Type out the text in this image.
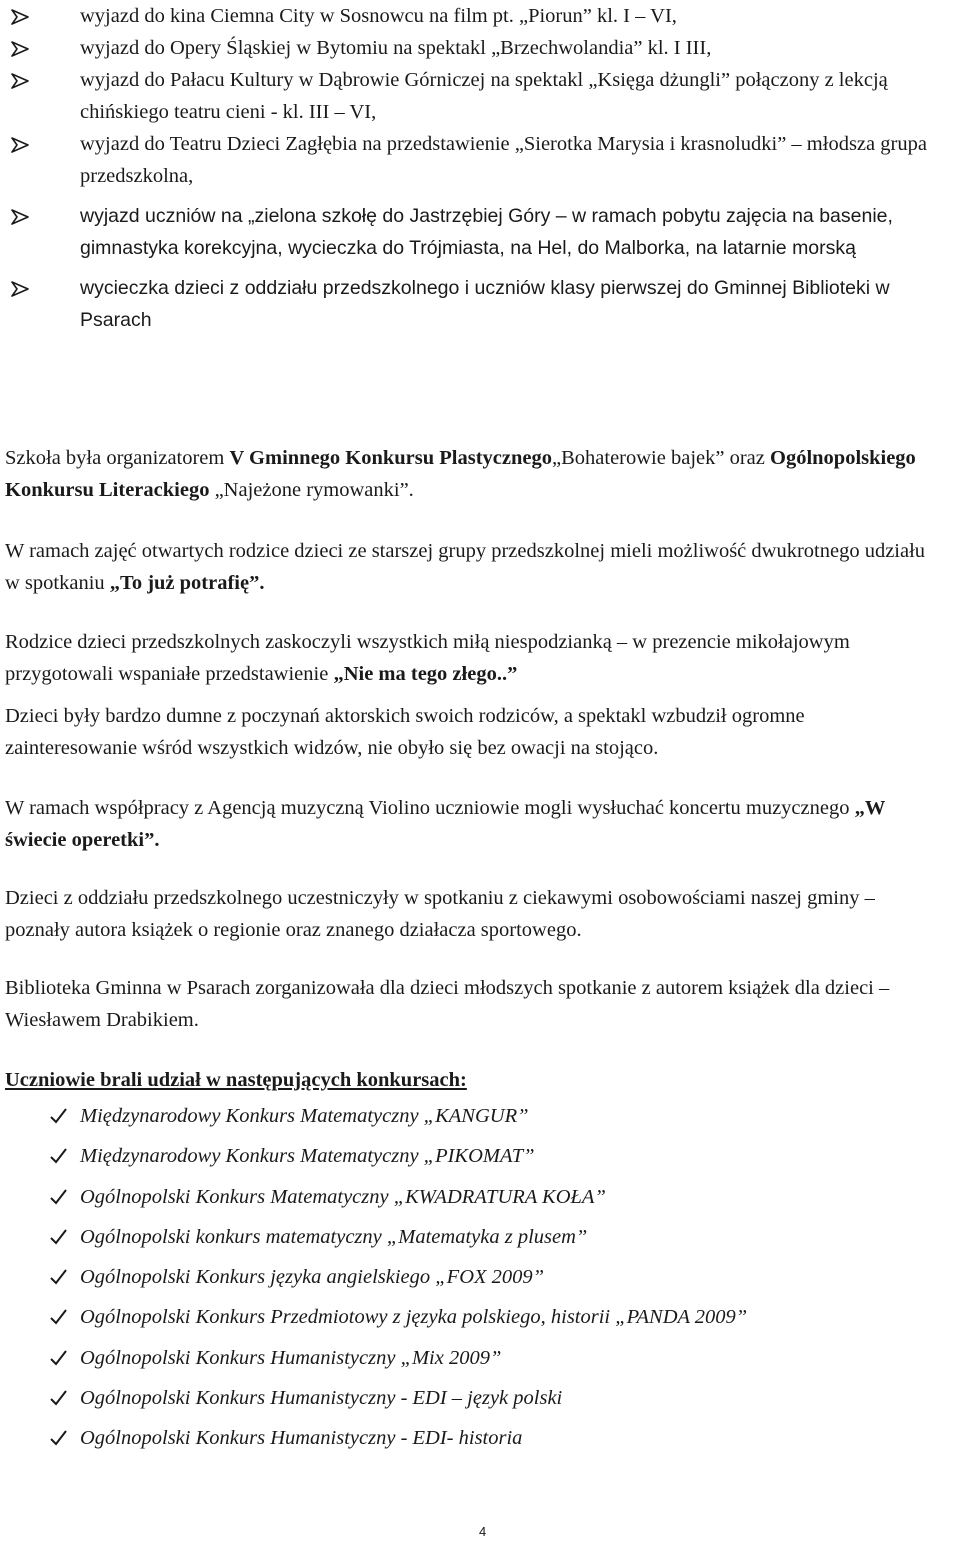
wyjazd do kina Ciemna City w Sosnowcu na film pt. „Piorun” kl. I – VI,
wyjazd do Opery Śląskiej w Bytomiu na spektakl „Brzechwolandia” kl. I III,
wyjazd do Pałacu Kultury w Dąbrowie Górniczej na spektakl „Księga dżungli” połączony z lekcją chińskiego teatru cieni - kl. III – VI,
wyjazd do Teatru Dzieci Zagłębia na przedstawienie „Sierotka Marysia i krasnoludki” – młodsza grupa przedszkolna,
wyjazd uczniów na „zielona szkołę do Jastrzębiej Góry – w ramach pobytu zajęcia na basenie, gimnastyka korekcyjna, wycieczka do Trójmiasta, na Hel, do Malborka, na latarnie morską
wycieczka dzieci z oddziału przedszkolnego i uczniów klasy pierwszej do Gminnej Biblioteki w Psarach
Szkoła była organizatorem V Gminnego Konkursu Plastycznego„Bohaterowie bajek” oraz Ogólnopolskiego Konkursu Literackiego „Najeżone rymowanki”.
W ramach zajęć otwartych rodzice dzieci ze starszej grupy przedszkolnej mieli możliwość dwukrotnego udziału w spotkaniu „To już potrafię”.
Rodzice dzieci przedszkolnych zaskoczyli wszystkich miłą niespodzianką – w prezencie mikołajowym przygotowali wspaniałe przedstawienie „Nie ma tego złego..”
Dzieci były bardzo dumne z poczynań aktorskich swoich rodziców, a spektakl wzbudził ogromne zainteresowanie wśród wszystkich widzów, nie obyło się bez owacji na stojąco.
W ramach współpracy z Agencją muzyczną Violino uczniowie mogli wysłuchać koncertu muzycznego „W świecie operetki”.
Dzieci z oddziału przedszkolnego uczestniczyły w spotkaniu z ciekawymi osobowościami naszej gminy – poznały autora książek o regionie oraz znanego działacza sportowego.
Biblioteka Gminna w Psarach zorganizowała dla dzieci młodszych spotkanie z autorem książek dla dzieci – Wiesławem Drabikiem.
Uczniowie brali udział w następujących konkursach:
Międzynarodowy Konkurs Matematyczny „KANGUR”
Międzynarodowy Konkurs Matematyczny „PIKOMAT”
Ogólnopolski Konkurs Matematyczny „KWADRATURA KOŁA”
Ogólnopolski konkurs matematyczny „Matematyka z plusem”
Ogólnopolski Konkurs języka angielskiego „FOX 2009”
Ogólnopolski Konkurs Przedmiotowy z języka polskiego, historii „PANDA 2009”
Ogólnopolski Konkurs Humanistyczny „Mix 2009”
Ogólnopolski Konkurs Humanistyczny - EDI – język polski
Ogólnopolski Konkurs Humanistyczny - EDI- historia
4
